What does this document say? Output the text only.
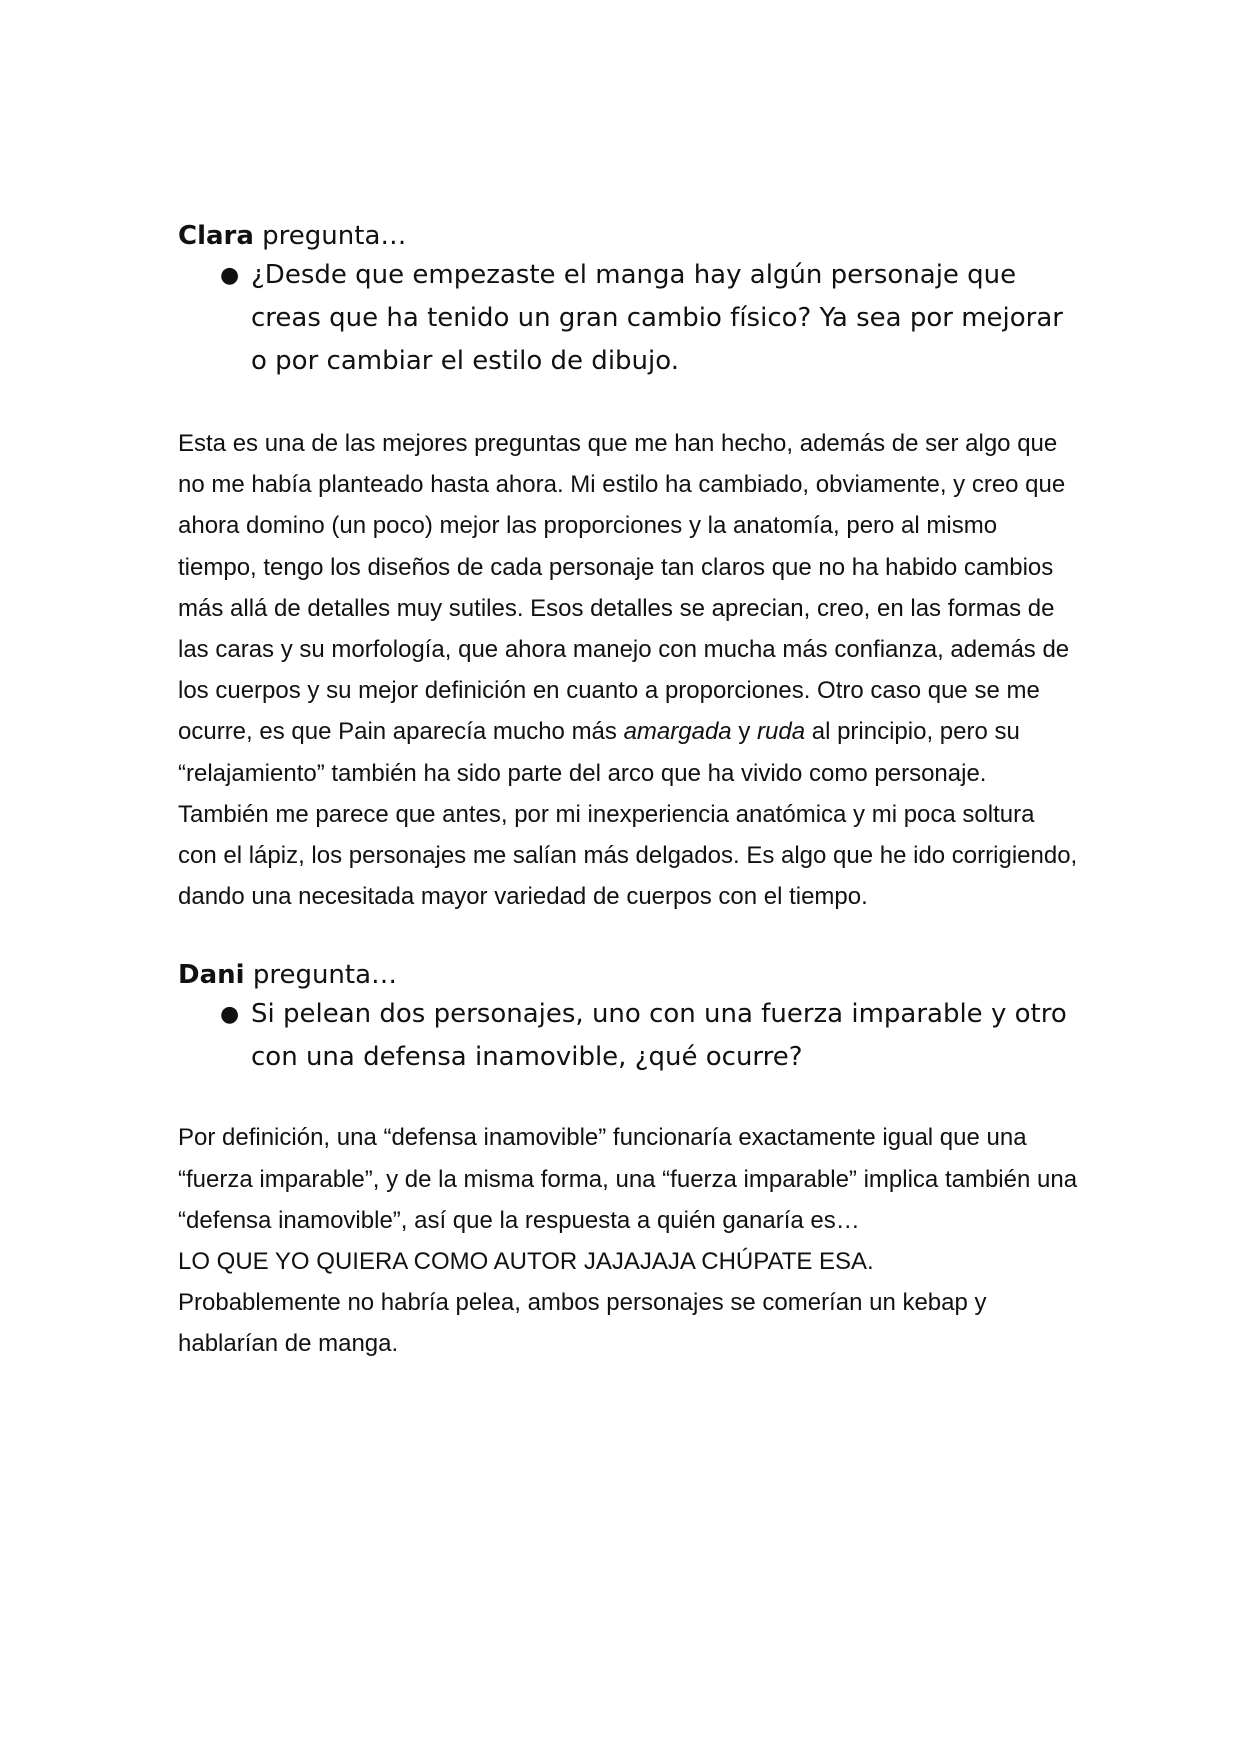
Clara pregunta…

● ¿Desde que empezaste el manga hay algún personaje que creas que ha tenido un gran cambio físico? Ya sea por mejorar o por cambiar el estilo de dibujo.

Esta es una de las mejores preguntas que me han hecho, además de ser algo que no me había planteado hasta ahora. Mi estilo ha cambiado, obviamente, y creo que ahora domino (un poco) mejor las proporciones y la anatomía, pero al mismo tiempo, tengo los diseños de cada personaje tan claros que no ha habido cambios más allá de detalles muy sutiles. Esos detalles se aprecian, creo, en las formas de las caras y su morfología, que ahora manejo con mucha más confianza, además de los cuerpos y su mejor definición en cuanto a proporciones. Otro caso que se me ocurre, es que Pain aparecía mucho más amargada y ruda al principio, pero su “relajamiento” también ha sido parte del arco que ha vivido como personaje. También me parece que antes, por mi inexperiencia anatómica y mi poca soltura con el lápiz, los personajes me salían más delgados. Es algo que he ido corrigiendo, dando una necesitada mayor variedad de cuerpos con el tiempo.

Dani pregunta…

● Si pelean dos personajes, uno con una fuerza imparable y otro con una defensa inamovible, ¿qué ocurre?

Por definición, una “defensa inamovible” funcionaría exactamente igual que una “fuerza imparable”, y de la misma forma, una “fuerza imparable” implica también una “defensa inamovible”, así que la respuesta a quién ganaría es…

LO QUE YO QUIERA COMO AUTOR JAJAJAJA CHÚPATE ESA.

Probablemente no habría pelea, ambos personajes se comerían un kebap y hablarían de manga.
